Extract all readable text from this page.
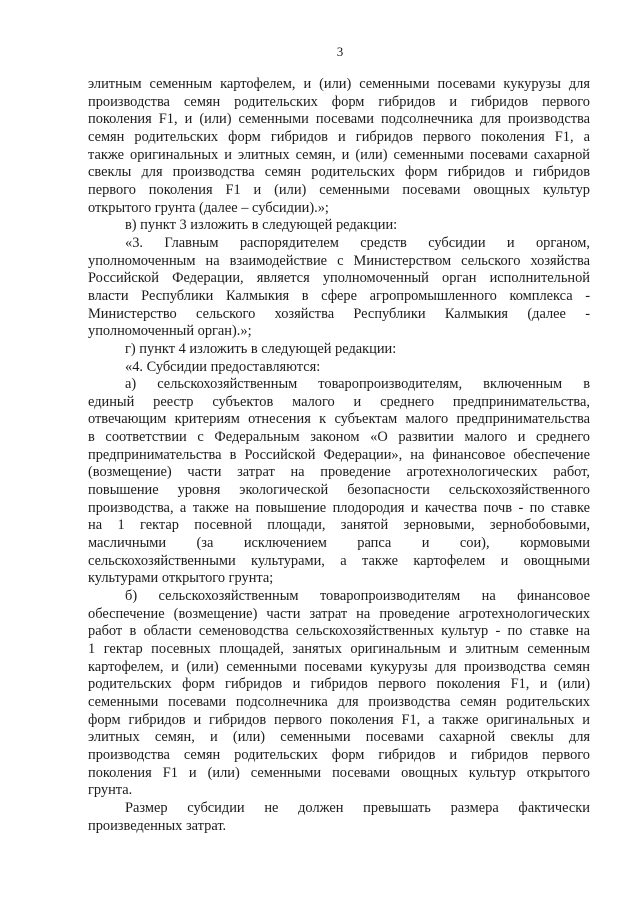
3
элитным семенным картофелем, и (или) семенными посевами кукурузы для
производства семян родительских форм гибридов и гибридов первого
поколения F1, и (или) семенными посевами подсолнечника для производства
семян родительских форм гибридов и гибридов первого поколения F1, а
также оригинальных и элитных семян, и (или) семенными посевами сахарной
свеклы для производства семян родительских форм гибридов и гибридов
первого поколения F1 и (или) семенными посевами овощных культур
открытого грунта (далее – субсидии).»;
в) пункт 3 изложить в следующей редакции:
«3. Главным распорядителем средств субсидии и органом,
уполномоченным на взаимодействие с Министерством сельского хозяйства
Российской Федерации, является уполномоченный орган исполнительной
власти Республики Калмыкия в сфере агропромышленного комплекса -
Министерство сельского хозяйства Республики Калмыкия (далее -
уполномоченный орган).»;
г) пункт 4 изложить в следующей редакции:
«4. Субсидии предоставляются:
а) сельскохозяйственным товаропроизводителям, включенным в
единый реестр субъектов малого и среднего предпринимательства,
отвечающим критериям отнесения к субъектам малого предпринимательства
в соответствии с Федеральным законом «О развитии малого и среднего
предпринимательства в Российской Федерации», на финансовое обеспечение
(возмещение) части затрат на проведение агротехнологических работ,
повышение уровня экологической безопасности сельскохозяйственного
производства, а также на повышение плодородия и качества почв - по ставке
на 1 гектар посевной площади, занятой зерновыми, зернобобовыми,
масличными (за исключением рапса и сои), кормовыми
сельскохозяйственными культурами, а также картофелем и овощными
культурами открытого грунта;
б) сельскохозяйственным товаропроизводителям на финансовое
обеспечение (возмещение) части затрат на проведение агротехнологических
работ в области семеноводства сельскохозяйственных культур - по ставке на
1 гектар посевных площадей, занятых оригинальным и элитным семенным
картофелем, и (или) семенными посевами кукурузы для производства семян
родительских форм гибридов и гибридов первого поколения F1, и (или)
семенными посевами подсолнечника для производства семян родительских
форм гибридов и гибридов первого поколения F1, а также оригинальных и
элитных семян, и (или) семенными посевами сахарной свеклы для
производства семян родительских форм гибридов и гибридов первого
поколения F1 и (или) семенными посевами овощных культур открытого
грунта.
Размер субсидии не должен превышать размера фактически
произведенных затрат.
